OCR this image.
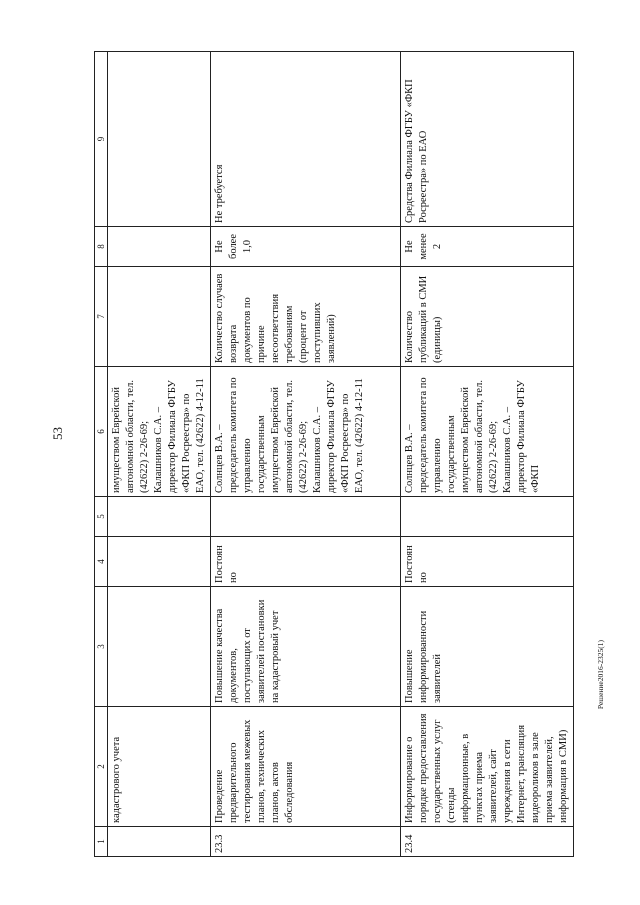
53
Решение2016-2325(1)
1	2	3	4	5	6	7	8	9
	кадастрового учета				имуществом Еврейской автономной области, тел. (42622) 2-26-69; Калашников С.А. – директор Филиала ФГБУ «ФКП Росреестра» по ЕАО, тел. (42622) 4-12-11			
23.3	Проведение предварительного тестирования межевых планов, технических планов, актов обследования	Повышение качества документов, поступающих от заявителей постановки на кадастровый учет	Постоянно		Солнцев В.А. – председатель комитета по управлению государственным имуществом Еврейской автономной области, тел. (42622) 2-26-69; Калашников С.А. – директор Филиала ФГБУ «ФКП Росреестра» по ЕАО, тел. (42622) 4-12-11	Количество случаев возврата документов по причине несоответствия требованиям (процент от поступивших заявлений)	Не более 1,0	Не требуется
23.4	Информирование о порядке предоставления государственных услуг (стенды информационные, в пунктах приема заявителей, сайт учреждения в сети Интернет, трансляция видеороликов в зале приема заявителей, информация в СМИ)	Повышение информированности заявителей	Постоянно		Солнцев В.А. – председатель комитета по управлению государственным имуществом Еврейской автономной области, тел. (42622) 2-26-69; Калашников С.А. – директор Филиала ФГБУ «ФКП	Количество публикаций в СМИ (единицы)	Не менее 2	Средства Филиала ФГБУ «ФКП Росреестра» по ЕАО
